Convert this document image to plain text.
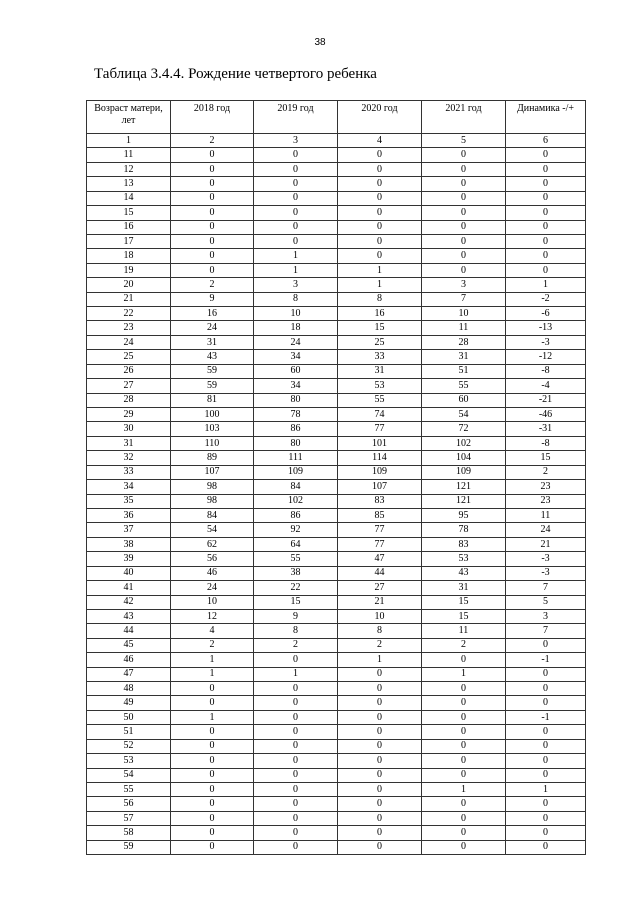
38
Таблица 3.4.4. Рождение четвертого ребенка
Возраст матери, лет	2018 год	2019 год	2020 год	2021 год	Динамика -/+
1	2	3	4	5	6
11	0	0	0	0	0
12	0	0	0	0	0
13	0	0	0	0	0
14	0	0	0	0	0
15	0	0	0	0	0
16	0	0	0	0	0
17	0	0	0	0	0
18	0	1	0	0	0
19	0	1	1	0	0
20	2	3	1	3	1
21	9	8	8	7	-2
22	16	10	16	10	-6
23	24	18	15	11	-13
24	31	24	25	28	-3
25	43	34	33	31	-12
26	59	60	31	51	-8
27	59	34	53	55	-4
28	81	80	55	60	-21
29	100	78	74	54	-46
30	103	86	77	72	-31
31	110	80	101	102	-8
32	89	111	114	104	15
33	107	109	109	109	2
34	98	84	107	121	23
35	98	102	83	121	23
36	84	86	85	95	11
37	54	92	77	78	24
38	62	64	77	83	21
39	56	55	47	53	-3
40	46	38	44	43	-3
41	24	22	27	31	7
42	10	15	21	15	5
43	12	9	10	15	3
44	4	8	8	11	7
45	2	2	2	2	0
46	1	0	1	0	-1
47	1	1	0	1	0
48	0	0	0	0	0
49	0	0	0	0	0
50	1	0	0	0	-1
51	0	0	0	0	0
52	0	0	0	0	0
53	0	0	0	0	0
54	0	0	0	0	0
55	0	0	0	1	1
56	0	0	0	0	0
57	0	0	0	0	0
58	0	0	0	0	0
59	0	0	0	0	0
